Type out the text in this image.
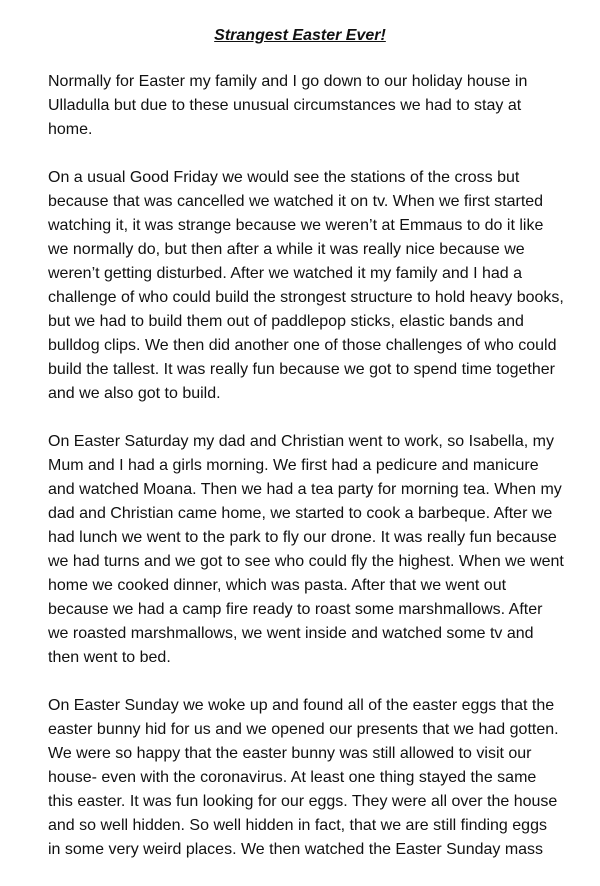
Strangest Easter Ever!
Normally for Easter my family and I go down to our holiday house in
Ulladulla but due to these unusual circumstances we had to stay at
home.
On a usual Good Friday we would see the stations of the cross but
because that was cancelled we watched it on tv. When we first started
watching it, it was strange because we weren’t at Emmaus to do it like
we normally do, but then after a while it was really nice because we
weren’t getting disturbed. After we watched it my family and I had a
challenge of who could build the strongest structure to hold heavy books,
but we had to build them out of paddlepop sticks, elastic bands and
bulldog clips. We then did another one of those challenges of who could
build the tallest. It was really fun because we got to spend time together
and we also got to build.
On Easter Saturday my dad and Christian went to work, so Isabella, my
Mum and I had a girls morning. We first had a pedicure and manicure
and watched Moana. Then we had a tea party for morning tea. When my
dad and Christian came home, we started to cook a barbeque. After we
had lunch we went to the park to fly our drone. It was really fun because
we had turns and we got to see who could fly the highest. When we went
home we cooked dinner, which was pasta. After that we went out
because we had a camp fire ready to roast some marshmallows. After
we roasted marshmallows, we went inside and watched some tv and
then went to bed.
On Easter Sunday we woke up and found all of the easter eggs that the
easter bunny hid for us and we opened our presents that we had gotten.
We were so happy that the easter bunny was still allowed to visit our
house- even with the coronavirus. At least one thing stayed the same
this easter. It was fun looking for our eggs. They were all over the house
and so well hidden. So well hidden in fact, that we are still finding eggs
in some very weird places. We then watched the Easter Sunday mass
